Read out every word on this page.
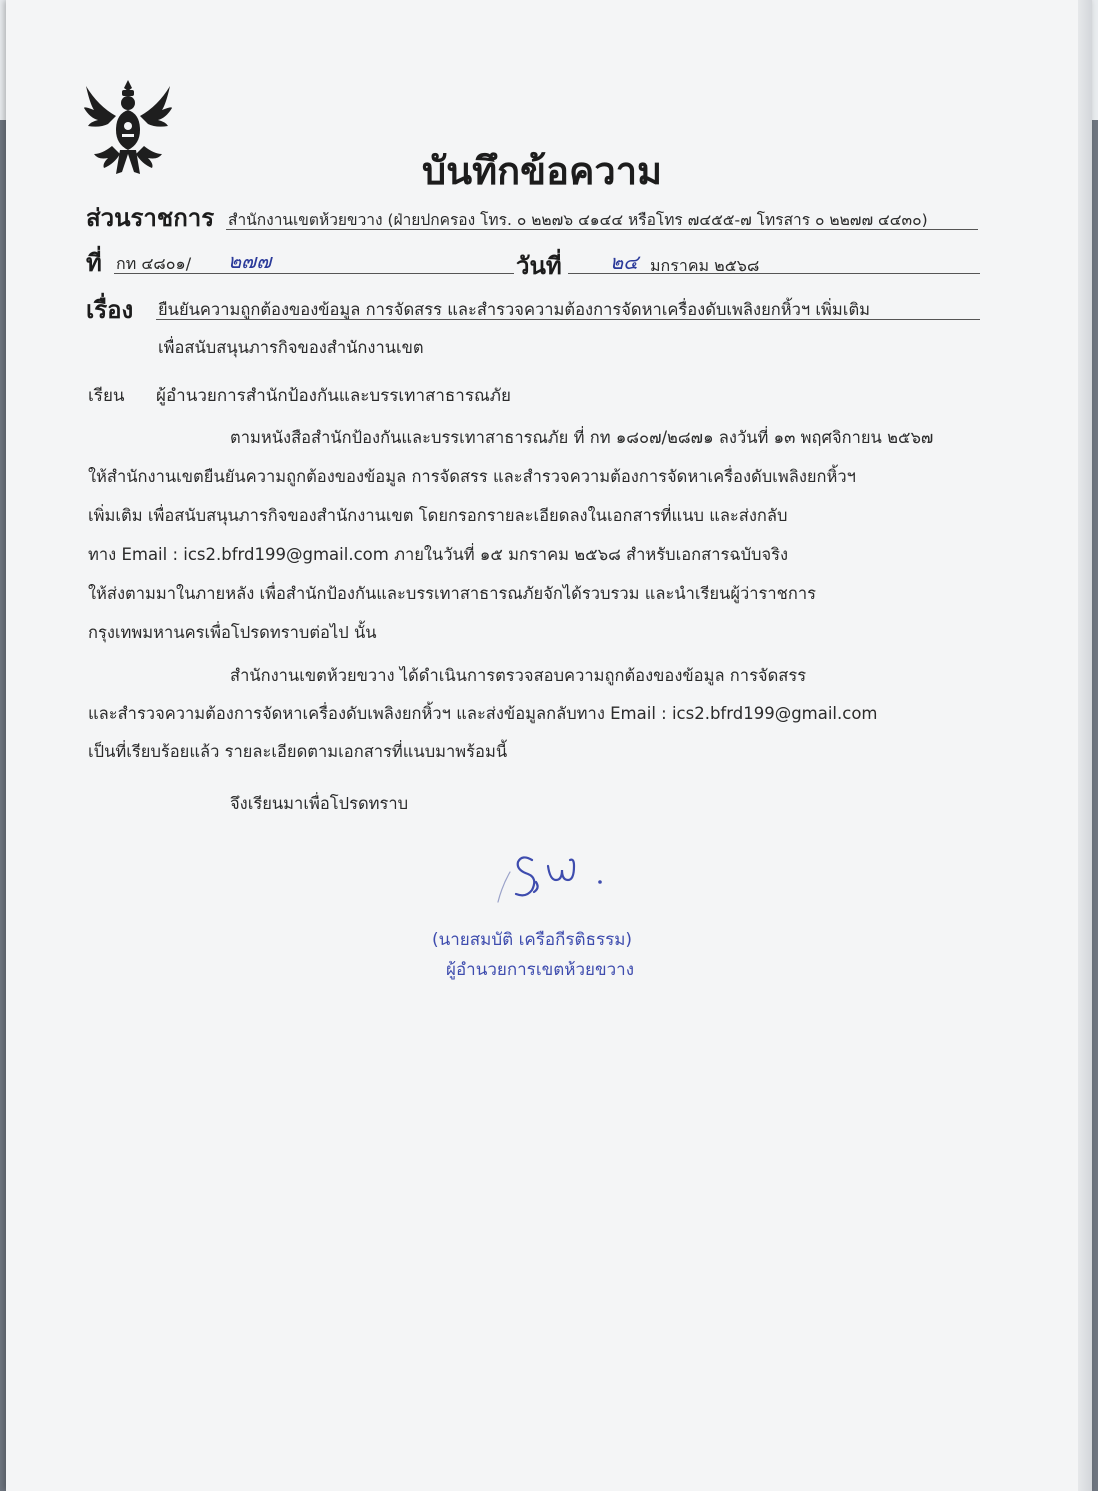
บันทึกข้อความ
ส่วนราชการ สำนักงานเขตห้วยขวาง (ฝ่ายปกครอง โทร. ๐ ๒๒๗๖ ๔๑๔๔ หรือโทร ๗๔๕๕-๗ โทรสาร ๐ ๒๒๗๗ ๔๔๓๐)
ที่ กท ๔๘๐๑/ ๒๗๗	วันที่ ๒๔ มกราคม ๒๕๖๘
เรื่อง ยืนยันความถูกต้องของข้อมูล การจัดสรร และสำรวจความต้องการจัดหาเครื่องดับเพลิงยกหิ้วฯ เพิ่มเติม
เพื่อสนับสนุนภารกิจของสำนักงานเขต
เรียน ผู้อำนวยการสำนักป้องกันและบรรเทาสาธารณภัย
ตามหนังสือสำนักป้องกันและบรรเทาสาธารณภัย ที่ กท ๑๘๐๗/๒๘๗๑ ลงวันที่ ๑๓ พฤศจิกายน ๒๕๖๗
ให้สำนักงานเขตยืนยันความถูกต้องของข้อมูล การจัดสรร และสำรวจความต้องการจัดหาเครื่องดับเพลิงยกหิ้วฯ
เพิ่มเติม เพื่อสนับสนุนภารกิจของสำนักงานเขต โดยกรอกรายละเอียดลงในเอกสารที่แนบ และส่งกลับ
ทาง Email : ics2.bfrd199@gmail.com ภายในวันที่ ๑๕ มกราคม ๒๕๖๘ สำหรับเอกสารฉบับจริง
ให้ส่งตามมาในภายหลัง เพื่อสำนักป้องกันและบรรเทาสาธารณภัยจักได้รวบรวม และนำเรียนผู้ว่าราชการ
กรุงเทพมหานครเพื่อโปรดทราบต่อไป นั้น
สำนักงานเขตห้วยขวาง ได้ดำเนินการตรวจสอบความถูกต้องของข้อมูล การจัดสรร
และสำรวจความต้องการจัดหาเครื่องดับเพลิงยกหิ้วฯ และส่งข้อมูลกลับทาง Email : ics2.bfrd199@gmail.com
เป็นที่เรียบร้อยแล้ว รายละเอียดตามเอกสารที่แนบมาพร้อมนี้
จึงเรียนมาเพื่อโปรดทราบ
(นายสมบัติ เครือกีรติธรรม)
ผู้อำนวยการเขตห้วยขวาง
